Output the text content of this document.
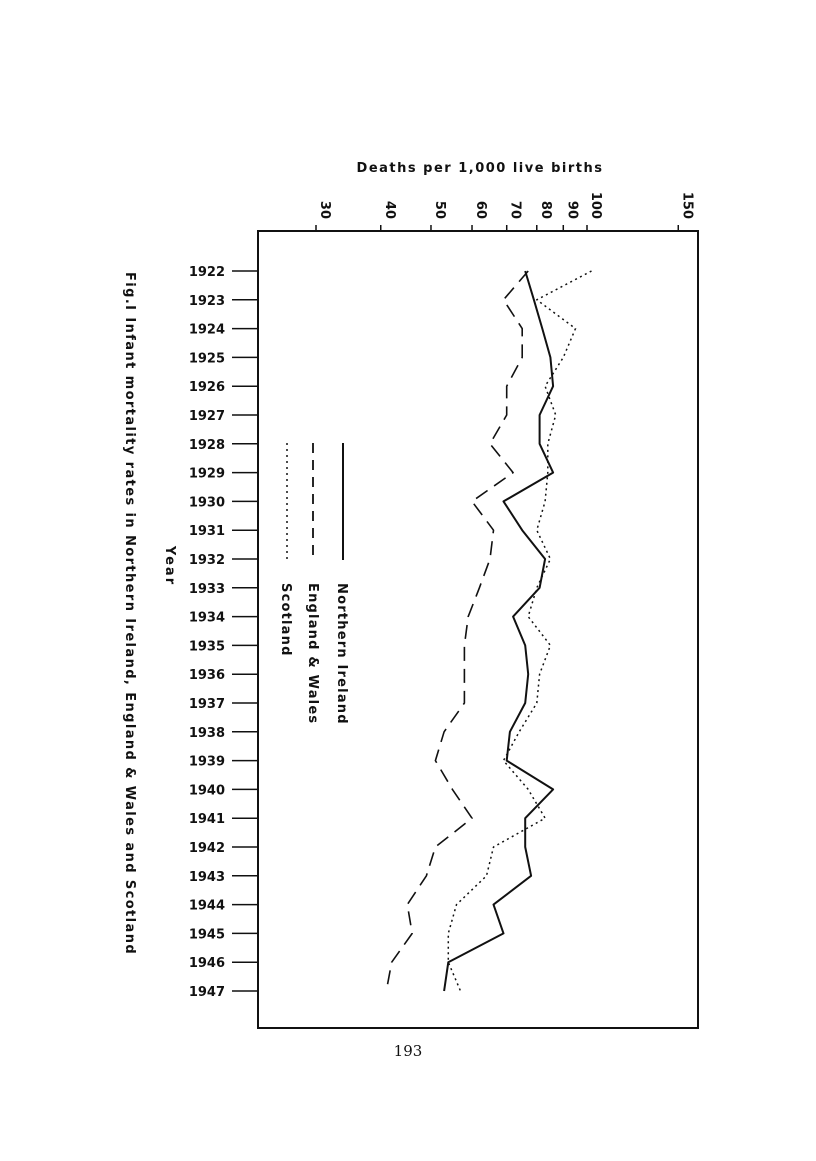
30	40	50 60 70 80 90 100	150
1922
1923
1924
1925
1926
1927
1928
1929
1930
1931
1932
1933
1934
1935
1936
1937
1938
1939
1940
1941
1942
1943
1944
1945
1946
1947
Deaths per 1,000 live births
Year
Fig.I Infant mortality rates in Northern Ireland, England & Wales and Scotland	Northern Ireland
England & Wales
Scotland
193
